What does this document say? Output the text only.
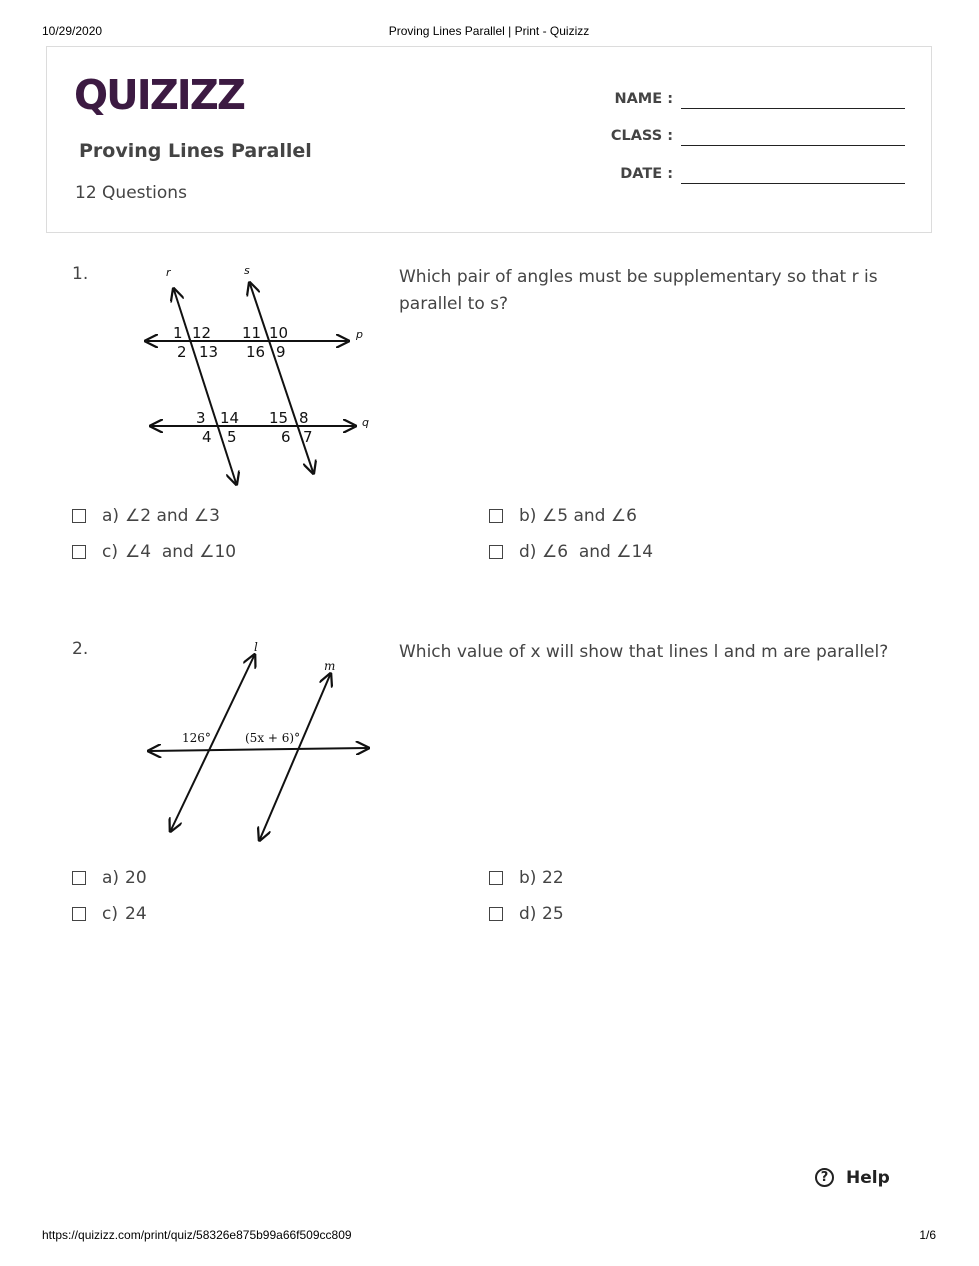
10/29/2020	Proving Lines Parallel | Print - Quizizz
QUIZIZZ
Proving Lines Parallel
12 Questions
NAME :
CLASS :
DATE :
1.	Which pair of angles must be supplementary so that r is parallel to s?
r	s
p
q
1 12
2 13
11 10
16 9
3 14
4 5
15 8
6 7
a) ∠2 and ∠3	b) ∠5 and ∠6
c) ∠4  and ∠10	d) ∠6  and ∠14
2.	Which value of x will show that lines l and m are parallel?
l
m
126°	(5x + 6)°
a) 20	b) 22
c) 24	d) 25
?	Help
https://quizizz.com/print/quiz/58326e875b99a66f509cc809	1/6
